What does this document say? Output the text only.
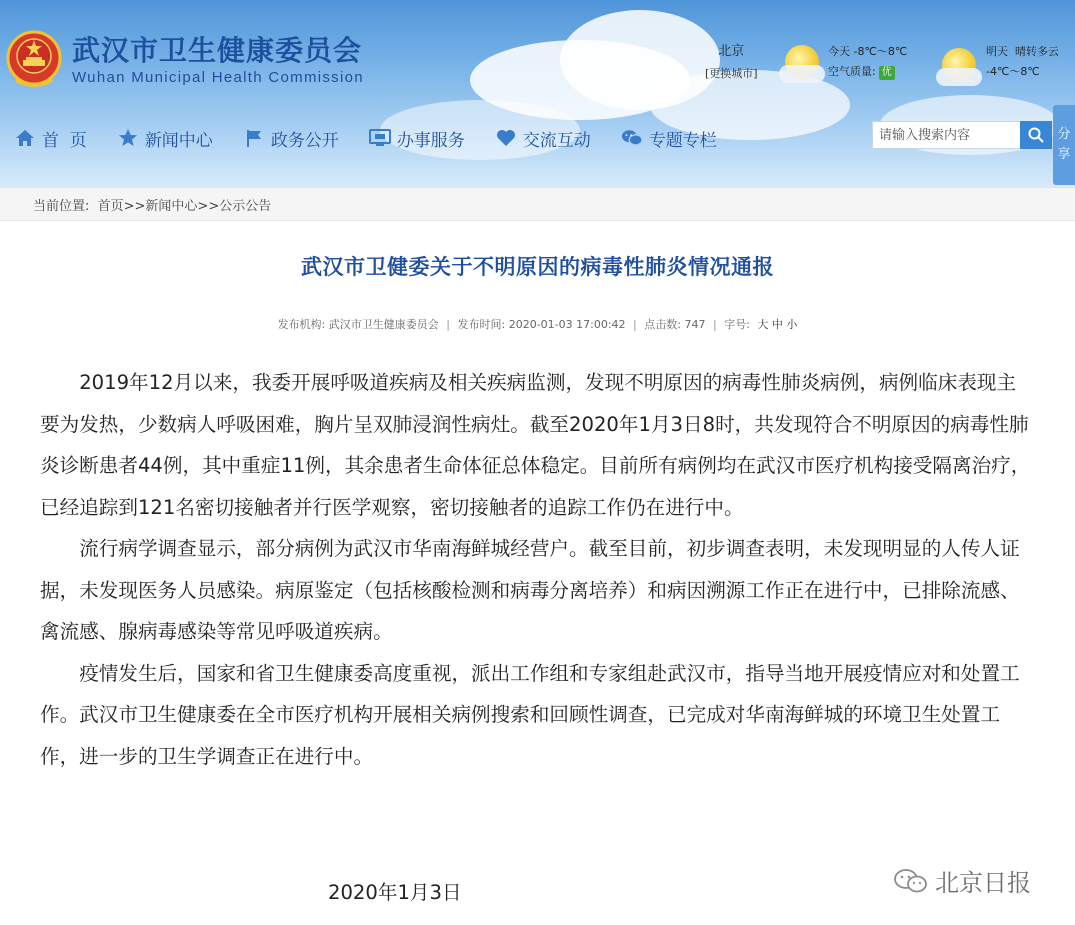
武汉市卫生健康委员会
Wuhan Municipal Health Commission
北京
[更换城市]
今天 -8℃～8℃
空气质量: 优
明天 晴转多云
-4℃～8℃
首  页	新闻中心	政务公开	办事服务	交流互动	专题专栏
请输入搜索内容	分享
当前位置:  首页>>新闻中心>>公示公告
武汉市卫健委关于不明原因的病毒性肺炎情况通报
发布机构: 武汉市卫生健康委员会 | 发布时间: 2020-01-03 17:00:42 | 点击数: 747 | 字号: 大 中 小

2019年12月以来，我委开展呼吸道疾病及相关疾病监测，发现不明原因的病毒性肺炎病例，病例临床表现主要为发热，少数病人呼吸困难，胸片呈双肺浸润性病灶。截至2020年1月3日8时，共发现符合不明原因的病毒性肺炎诊断患者44例，其中重症11例，其余患者生命体征总体稳定。目前所有病例均在武汉市医疗机构接受隔离治疗，已经追踪到121名密切接触者并行医学观察，密切接触者的追踪工作仍在进行中。

流行病学调查显示，部分病例为武汉市华南海鲜城经营户。截至目前，初步调查表明，未发现明显的人传人证据，未发现医务人员感染。病原鉴定（包括核酸检测和病毒分离培养）和病因溯源工作正在进行中，已排除流感、禽流感、腺病毒感染等常见呼吸道疾病。

疫情发生后，国家和省卫生健康委高度重视，派出工作组和专家组赴武汉市，指导当地开展疫情应对和处置工作。武汉市卫生健康委在全市医疗机构开展相关病例搜索和回顾性调查，已完成对华南海鲜城的环境卫生处置工作，进一步的卫生学调查正在进行中。

2020年1月3日	北京日报
